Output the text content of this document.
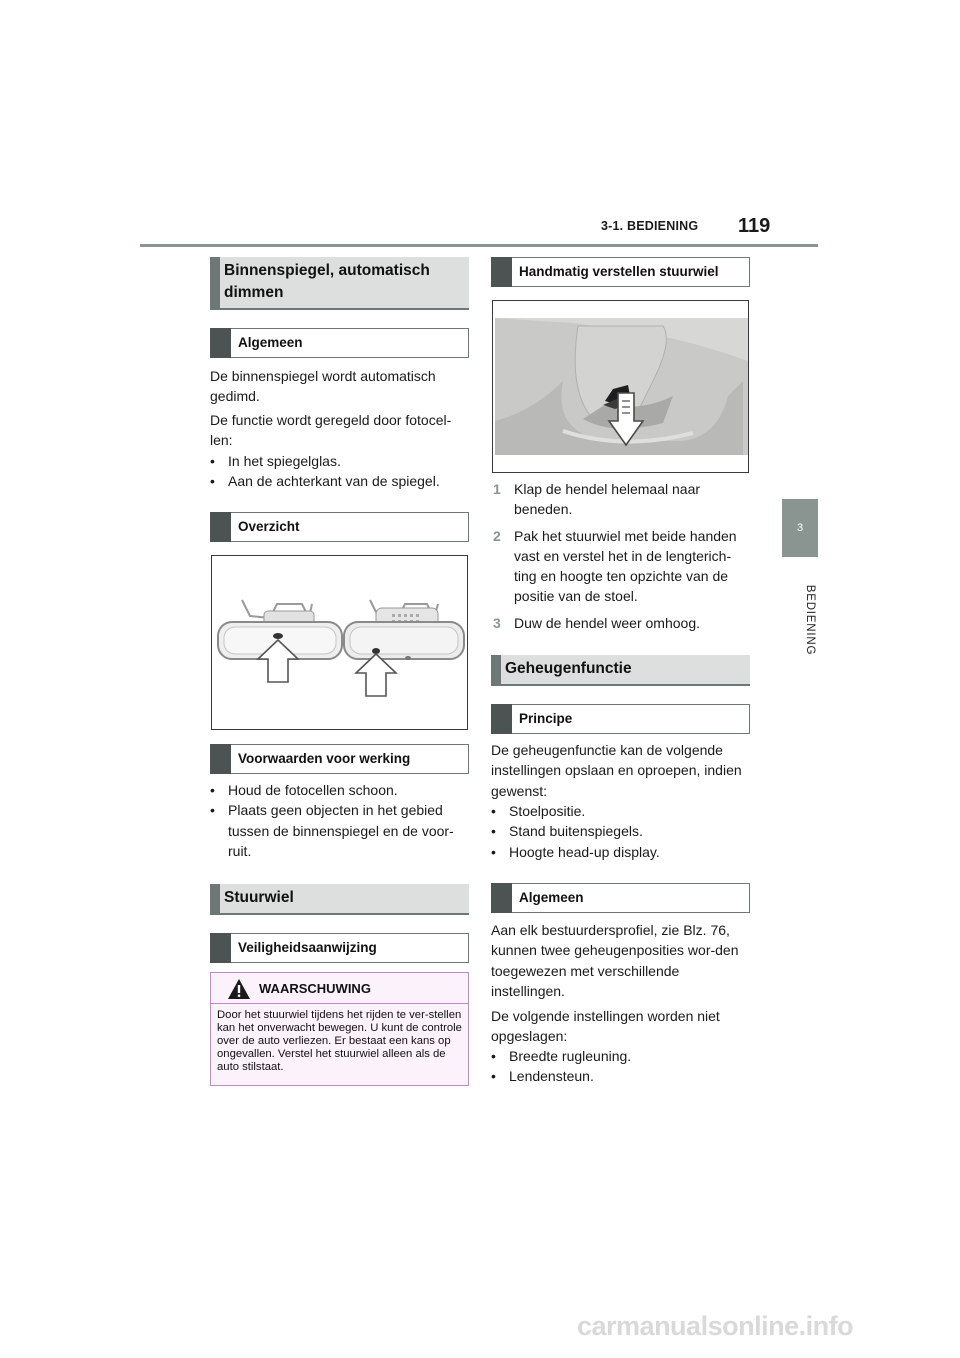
3-1. BEDIENING 119
3
BEDIENING
Binnenspiegel, automatisch dimmen
Algemeen
De binnenspiegel wordt automatisch gedimd.
De functie wordt geregeld door fotocel-len:
• In het spiegelglas.
• Aan de achterkant van de spiegel.
Overzicht
Voorwaarden voor werking
• Houd de fotocellen schoon.
• Plaats geen objecten in het gebied tussen de binnenspiegel en de voor-ruit.
Stuurwiel
Veiligheidsaanwijzing
WAARSCHUWING
Door het stuurwiel tijdens het rijden te ver-stellen kan het onverwacht bewegen. U kunt de controle over de auto verliezen. Er bestaat een kans op ongevallen. Verstel het stuurwiel alleen als de auto stilstaat.
Handmatig verstellen stuurwiel
1 Klap de hendel helemaal naar beneden.
2 Pak het stuurwiel met beide handen vast en verstel het in de lengterich-ting en hoogte ten opzichte van de positie van de stoel.
3 Duw de hendel weer omhoog.
Geheugenfunctie
Principe
De geheugenfunctie kan de volgende instellingen opslaan en oproepen, indien gewenst:
• Stoelpositie.
• Stand buitenspiegels.
• Hoogte head-up display.
Algemeen
Aan elk bestuurdersprofiel, zie Blz. 76, kunnen twee geheugenposities wor-den toegewezen met verschillende instellingen.
De volgende instellingen worden niet opgeslagen:
• Breedte rugleuning.
• Lendensteun.
carmanualsonline.info
